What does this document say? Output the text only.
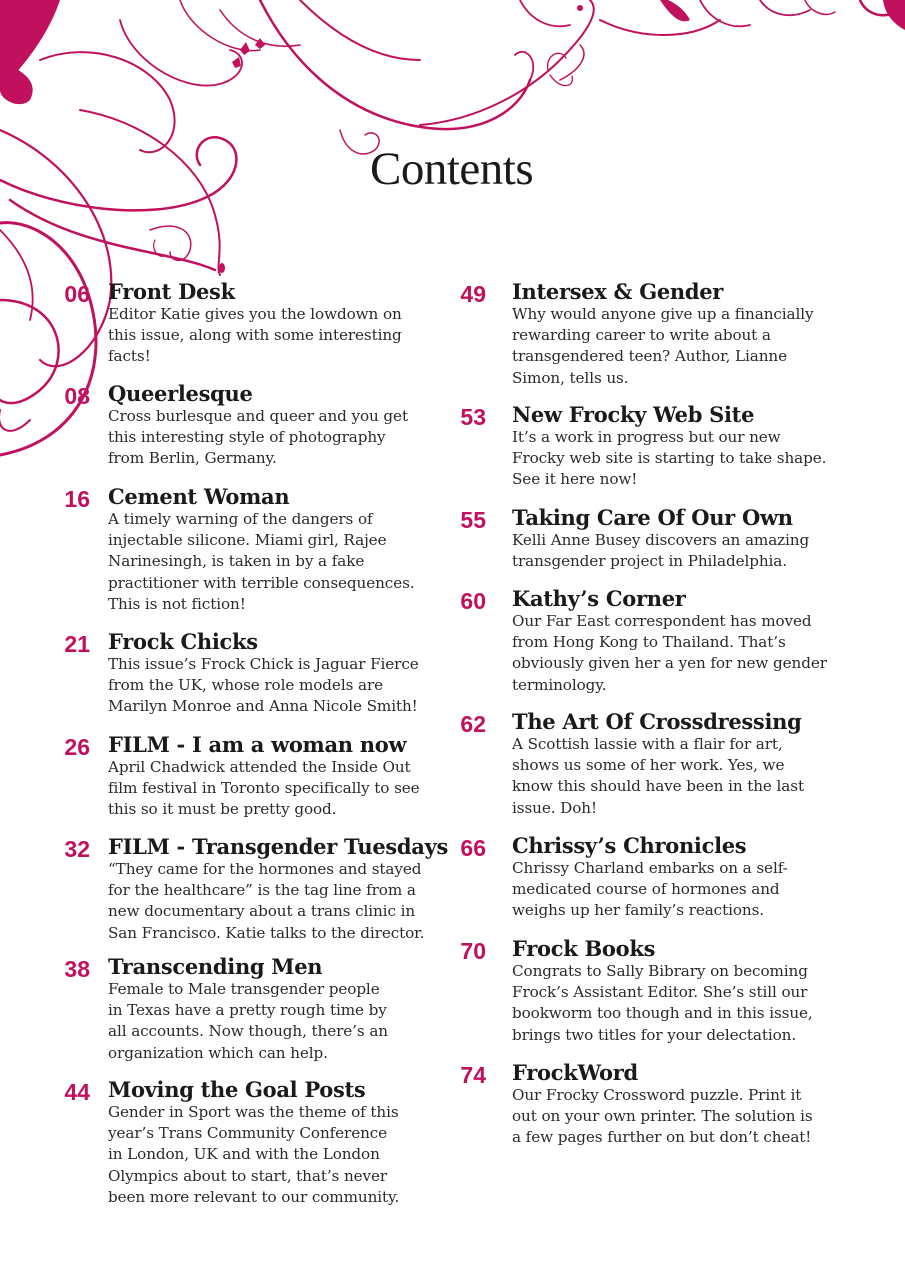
Contents
06 Front Desk
Editor Katie gives you the lowdown on
this issue, along with some interesting
facts!
08 Queerlesque
Cross burlesque and queer and you get
this interesting style of photography
from Berlin, Germany.
16 Cement Woman
A timely warning of the dangers of
injectable silicone. Miami girl, Rajee
Narinesingh, is taken in by a fake
practitioner with terrible consequences.
This is not fiction!
21 Frock Chicks
This issue’s Frock Chick is Jaguar Fierce
from the UK, whose role models are
Marilyn Monroe and Anna Nicole Smith!
26 FILM - I am a woman now
April Chadwick attended the Inside Out
film festival in Toronto specifically to see
this so it must be pretty good.
32 FILM - Transgender Tuesdays
“They came for the hormones and stayed
for the healthcare” is the tag line from a
new documentary about a trans clinic in
San Francisco. Katie talks to the director.
38 Transcending Men
Female to Male transgender people
in Texas have a pretty rough time by
all accounts. Now though, there’s an
organization which can help.
44 Moving the Goal Posts
Gender in Sport was the theme of this
year’s Trans Community Conference
in London, UK and with the London
Olympics about to start, that’s never
been more relevant to our community.
49 Intersex & Gender
Why would anyone give up a financially
rewarding career to write about a
transgendered teen? Author, Lianne
Simon, tells us.
53 New Frocky Web Site
It’s a work in progress but our new
Frocky web site is starting to take shape.
See it here now!
55 Taking Care Of Our Own
Kelli Anne Busey discovers an amazing
transgender project in Philadelphia.
60 Kathy’s Corner
Our Far East correspondent has moved
from Hong Kong to Thailand. That’s
obviously given her a yen for new gender
terminology.
62 The Art Of Crossdressing
A Scottish lassie with a flair for art,
shows us some of her work. Yes, we
know this should have been in the last
issue. Doh!
66 Chrissy’s Chronicles
Chrissy Charland embarks on a self-
medicated course of hormones and
weighs up her family’s reactions.
70 Frock Books
Congrats to Sally Bibrary on becoming
Frock’s Assistant Editor. She’s still our
bookworm too though and in this issue,
brings two titles for your delectation.
74 FrockWord
Our Frocky Crossword puzzle. Print it
out on your own printer. The solution is
a few pages further on but don’t cheat!
